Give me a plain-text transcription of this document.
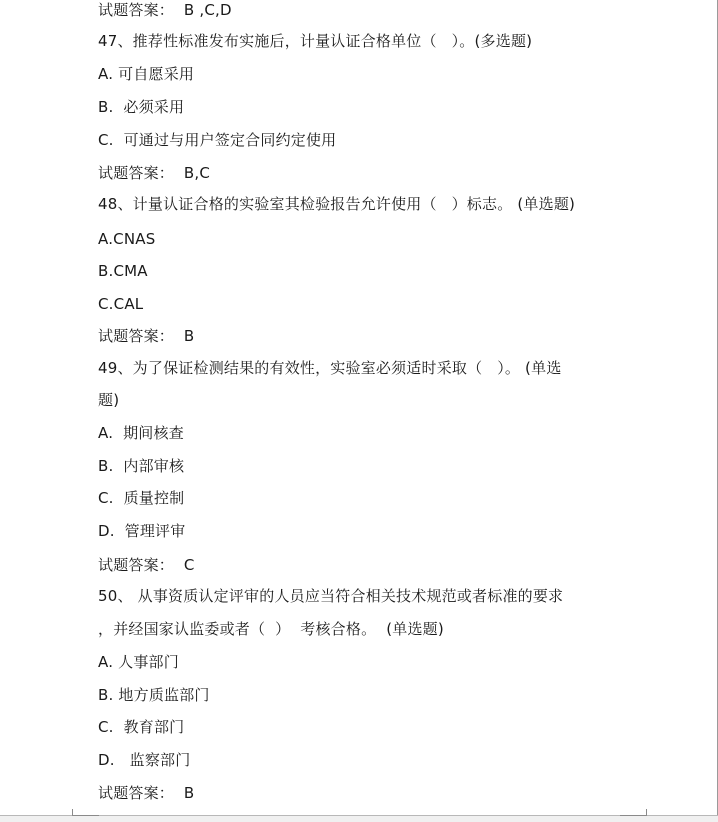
试题答案：  B ,C,D
47、推荐性标准发布实施后，计量认证合格单位（   ）。(多选题)
A. 可自愿采用
B.  必须采用
C.  可通过与用户签定合同约定使用
试题答案：  B,C
48、计量认证合格的实验室其检验报告允许使用（   ）标志。 (单选题)
A.CNAS
B.CMA
C.CAL
试题答案：  B
49、为了保证检测结果的有效性，实验室必须适时采取（   ）。 (单选
题)
A.  期间核查
B.  内部审核
C.  质量控制
D.  管理评审
试题答案：  C
50、 从事资质认定评审的人员应当符合相关技术规范或者标准的要求
，并经国家认监委或者（  ）  考核合格。  (单选题)
A. 人事部门
B. 地方质监部门
C.  教育部门
D.   监察部门
试题答案：  B
